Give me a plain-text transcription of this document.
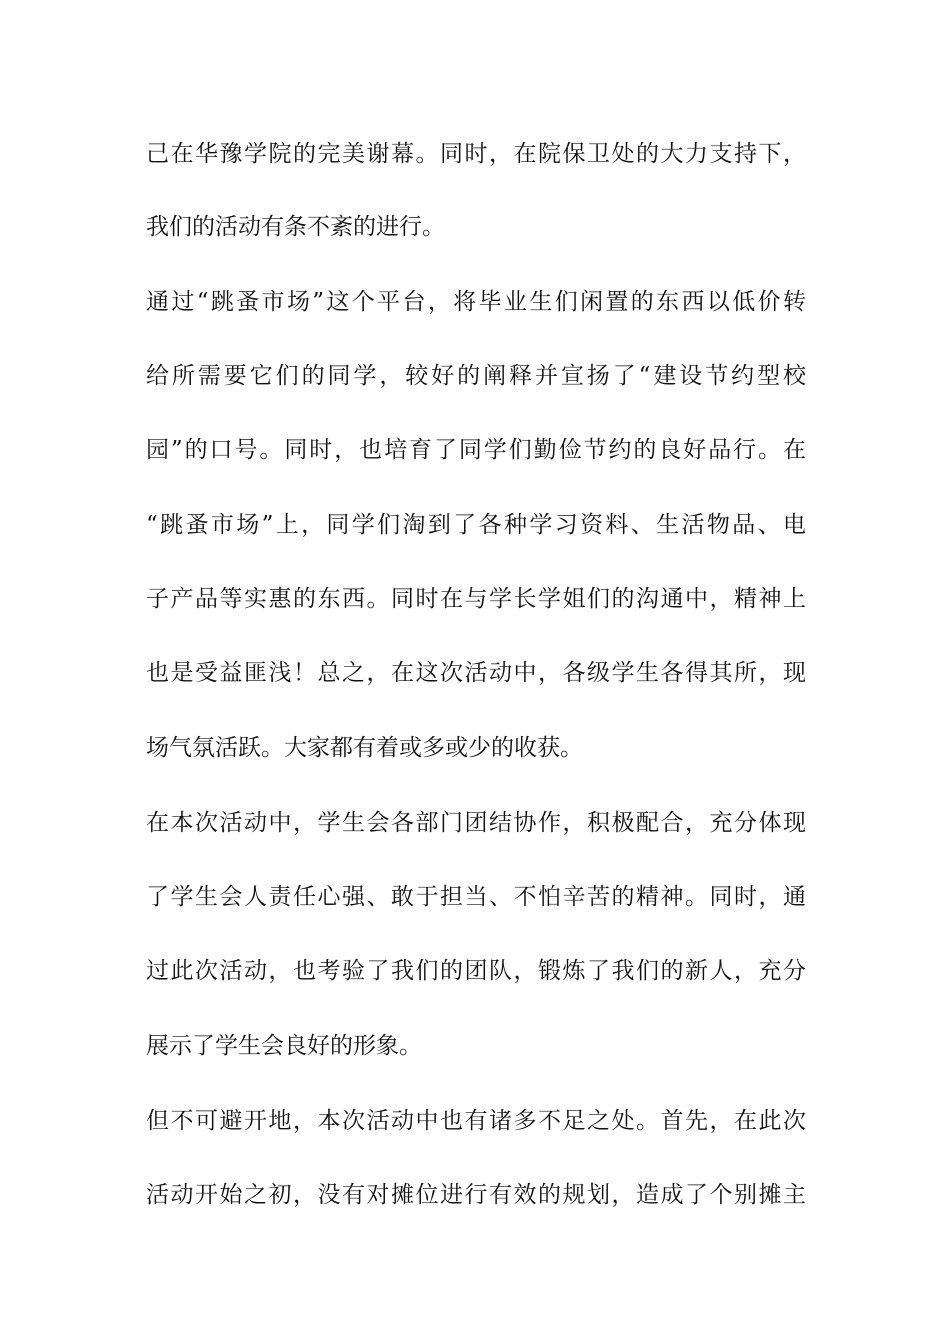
己在华豫学院的完美谢幕。同时，在院保卫处的大力支持下，
我们的活动有条不紊的进行。
通过“跳蚤市场”这个平台，将毕业生们闲置的东西以低价转
给所需要它们的同学，较好的阐释并宣扬了“建设节约型校
园”的口号。同时，也培育了同学们勤俭节约的良好品行。在
“跳蚤市场”上，同学们淘到了各种学习资料、生活物品、电
子产品等实惠的东西。同时在与学长学姐们的沟通中，精神上
也是受益匪浅！总之，在这次活动中，各级学生各得其所，现
场气氛活跃。大家都有着或多或少的收获。
在本次活动中，学生会各部门团结协作，积极配合，充分体现
了学生会人责任心强、敢于担当、不怕辛苦的精神。同时，通
过此次活动，也考验了我们的团队，锻炼了我们的新人，充分
展示了学生会良好的形象。
但不可避开地，本次活动中也有诸多不足之处。首先，在此次
活动开始之初，没有对摊位进行有效的规划，造成了个别摊主
